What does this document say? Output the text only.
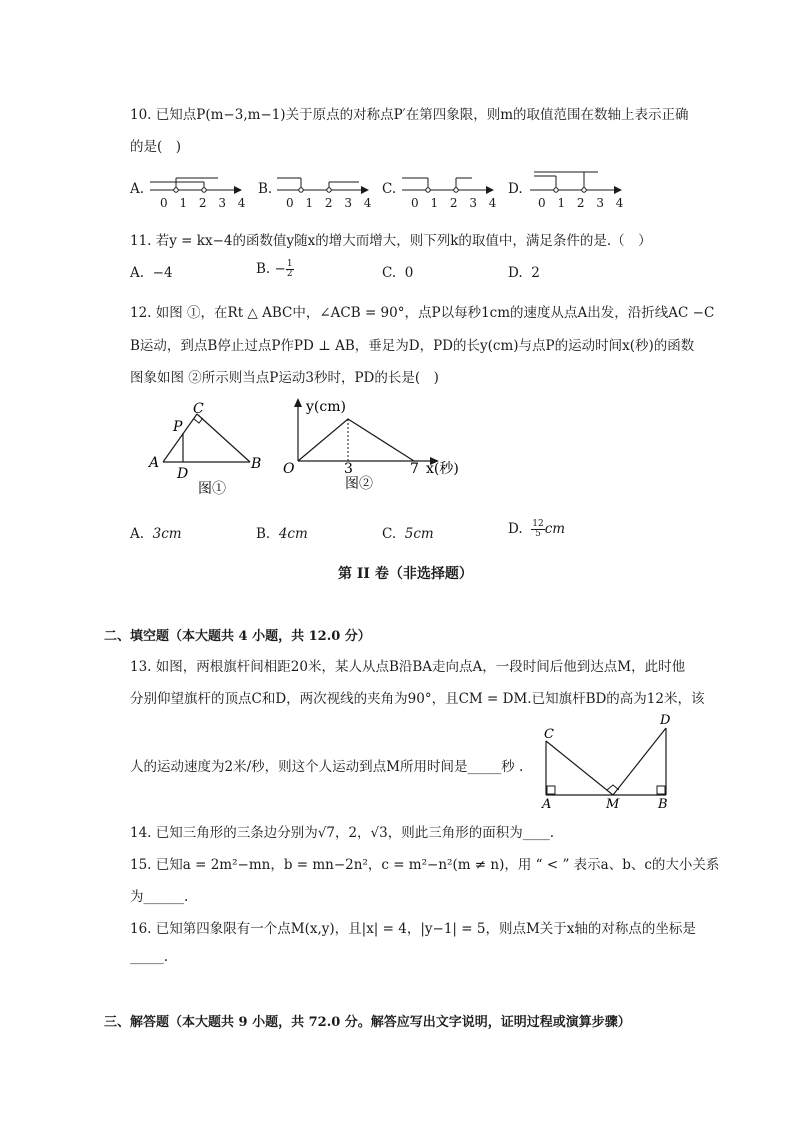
10. 已知点P(m−3,m−1)关于原点的对称点P′在第四象限，则m的取值范围在数轴上表示正确
的是(　)
A.
0 1 2 3 4
B.
0 1 2 3 4
C.
0 1 2 3 4
D.
0 1 2 3 4
11. 若y = kx−4的函数值y随x的增大而增大，则下列k的取值中，满足条件的是.（　）
A. −4	B. − $\frac{1}{2}$	C. 0	D. 2
12. 如图 ①，在Rt △ ABC中，∠ACB = 90°，点P以每秒1cm的速度从点A出发，沿折线AC −C
B运动，到点B停止过点P作PD ⊥ AB，垂足为D，PD的长y(cm)与点P的运动时间x(秒)的函数
图象如图 ②所示则当点P运动3秒时，PD的长是(　)
P
C
A
D
B
图①
y(cm)
x(秒)
O	3	7
图②
A. 3cm	B. 4cm	C. 5cm	D. $\frac{12}{5}$ cm
第 II 卷（非选择题）
二、填空题（本大题共 4 小题，共 12.0 分）
13. 如图，两根旗杆间相距20米，某人从点B沿BA走向点A，一段时间后他到达点M，此时他
分别仰望旗杆的顶点C和D，两次视线的夹角为90°，且CM = DM.已知旗杆BD的高为12米，该
人的运动速度为2米/秒，则这个人运动到点M所用时间是_____秒 .
C
D
A	M	B
14. 已知三角形的三条边分别为√7，2，√3，则此三角形的面积为____.
15. 已知a = 2m²−mn，b = mn−2n²，c = m²−n²(m ≠ n)，用 “ < ” 表示a、b、c的大小关系
为______.
16. 已知第四象限有一个点M(x,y)，且|x| = 4，|y−1| = 5，则点M关于x轴的对称点的坐标是
_____.
三、解答题（本大题共 9 小题，共 72.0 分。解答应写出文字说明，证明过程或演算步骤）
